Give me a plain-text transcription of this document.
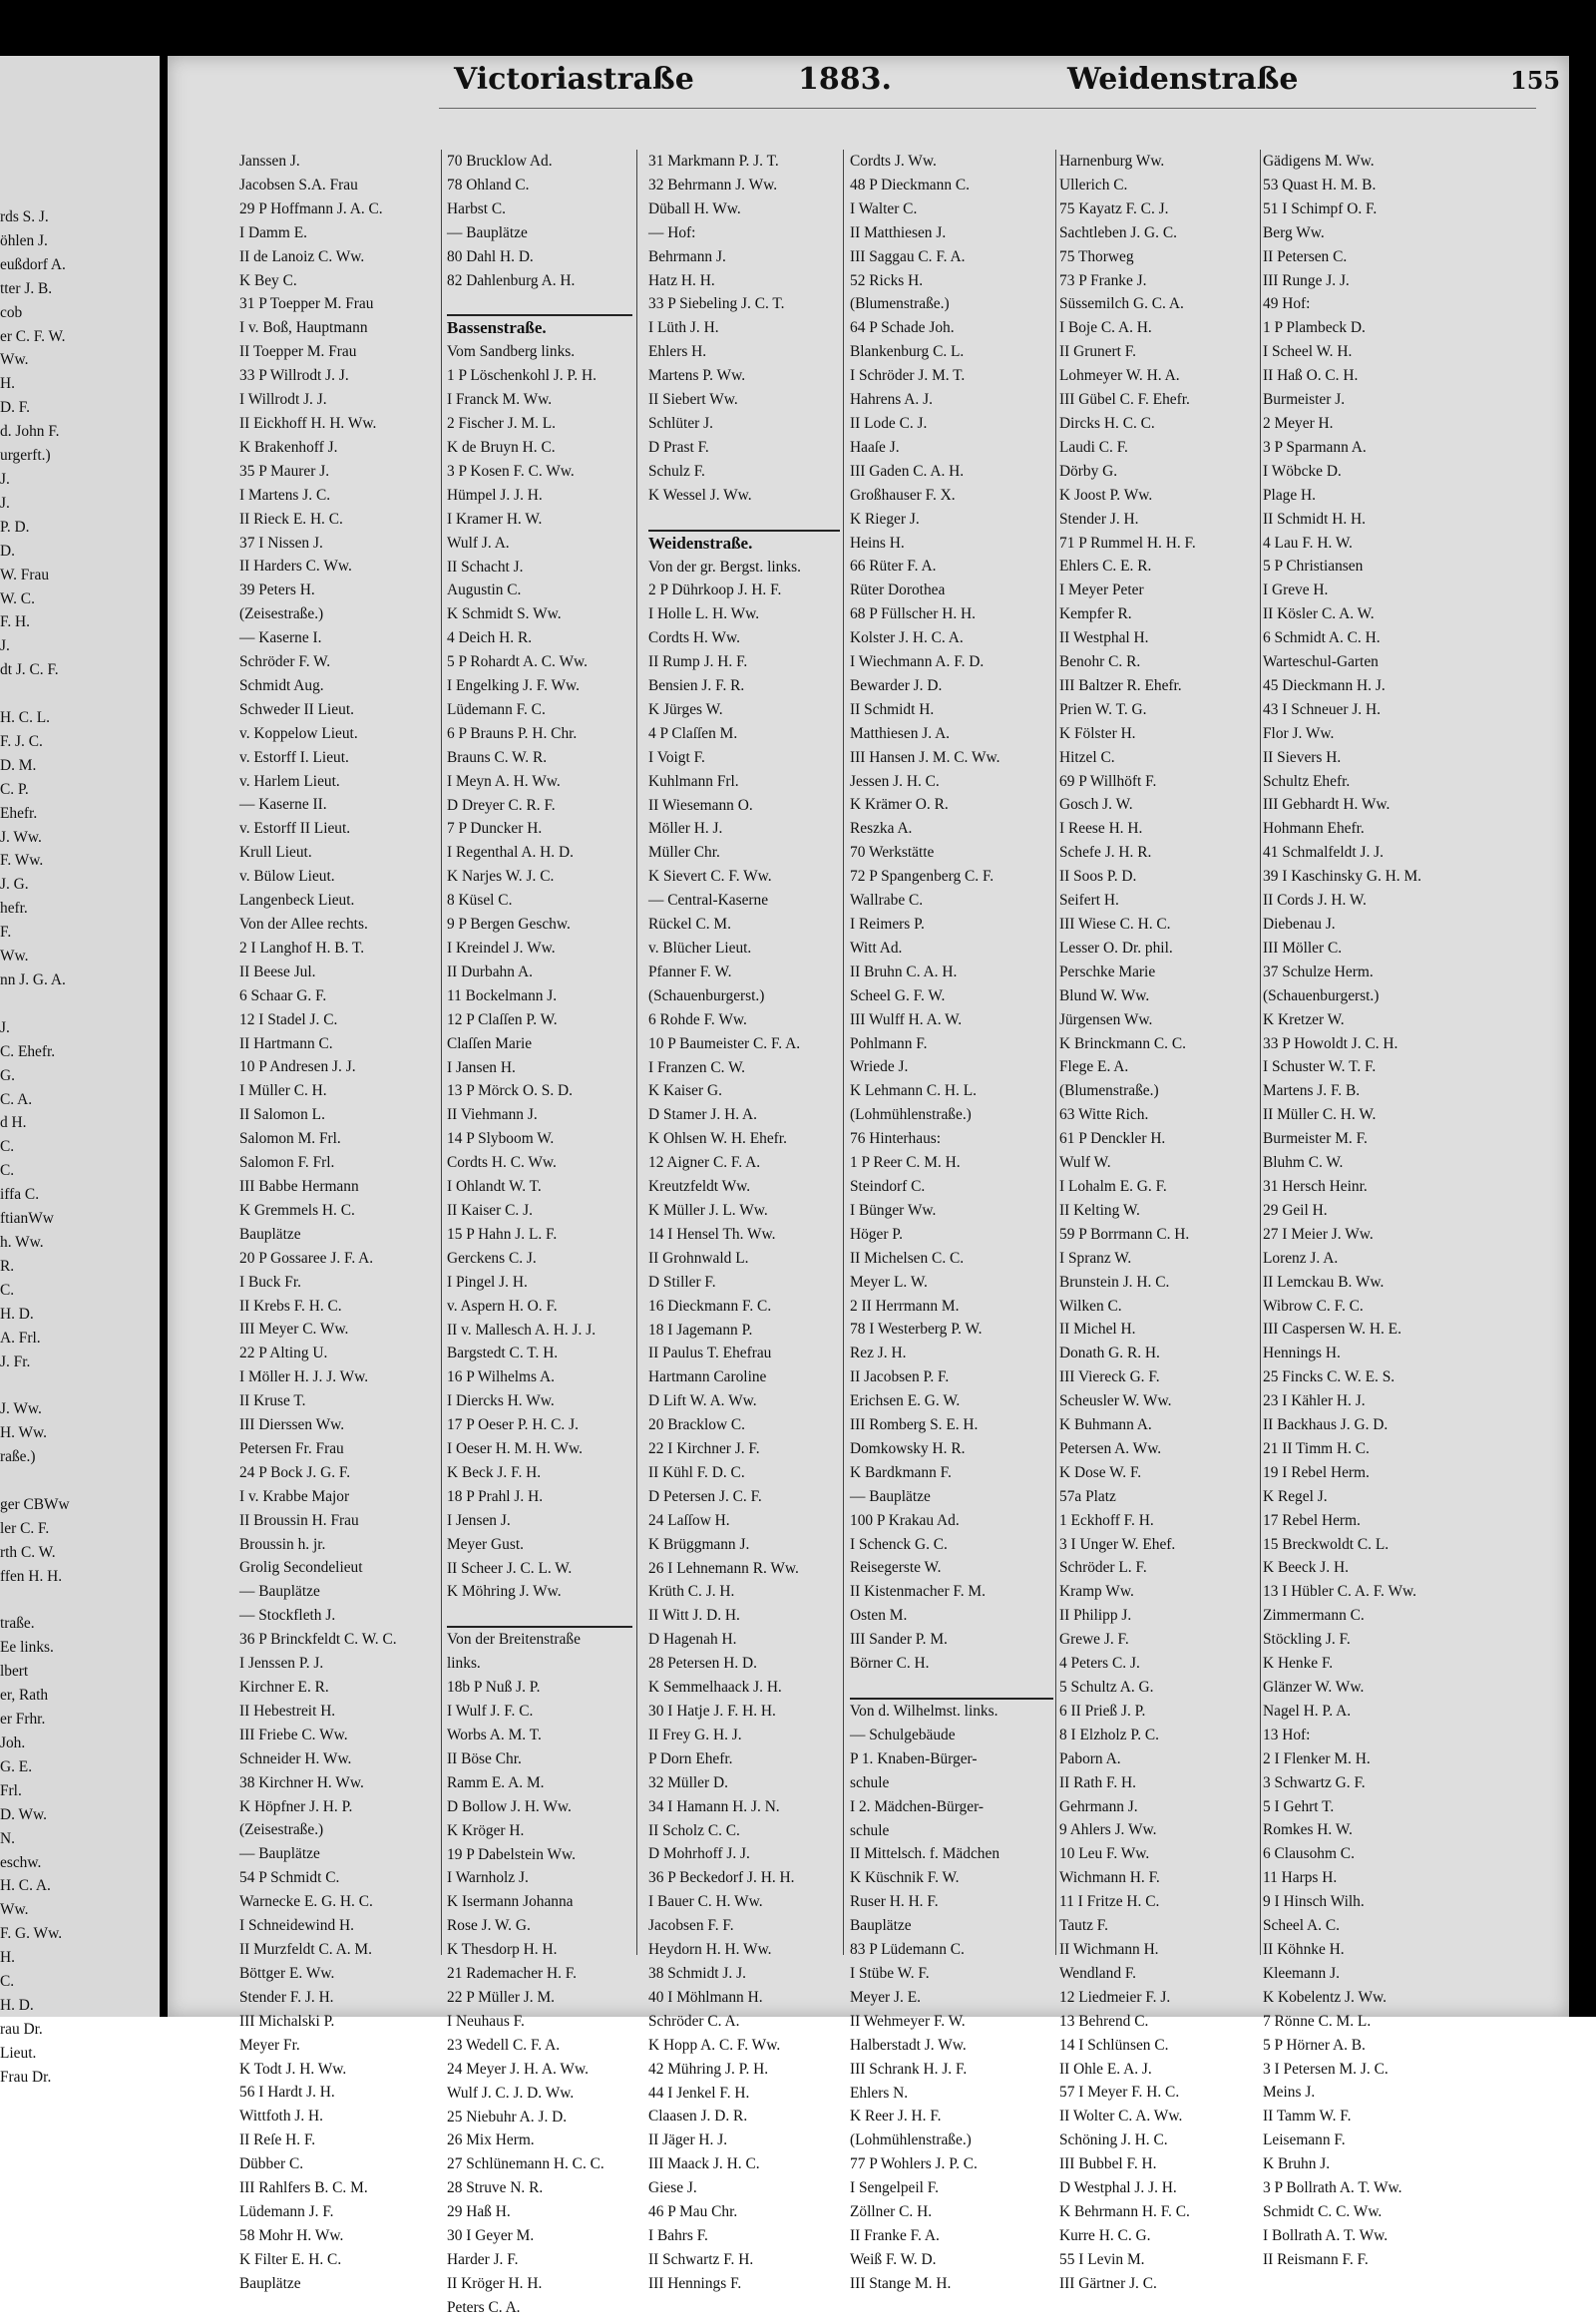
rds S. J.
öhlen J.
eußdorf A.
tter J. B.
cob
er C. F. W.
Ww.
H.
D. F.
d. John F.
urgerft.)
J.
J.
P. D.
D.
W. Frau
W. C.
F. H.
J.
dt J. C. F.
H. C. L.
F. J. C.
D. M.
C. P.
Ehefr.
J. Ww.
F. Ww.
J. G.
hefr.
F.
Ww.
nn J. G. A.
J.
C. Ehefr.
G.
C. A.
d H.
C.
C.
iffa C.
ftianWw
h. Ww.
R.
C.
H. D.
A. Frl.
J. Fr.
J. Ww.
H. Ww.
raße.)
ger CBWw
ler C. F.
rth C. W.
ffen H. H.
traße.
Ee links.
lbert
er, Rath
er Frhr.
Joh.
G. E.
Frl.
D. Ww.
N.
eschw.
H. C. A.
Ww.
F. G. Ww.
H.
C.
H. D.
rau Dr.
Lieut.
Frau Dr.
Victoriastraße	1883.	Weidenstraße	155
Janssen J.
Jacobsen S.A. Frau
29 P Hoffmann J. A. C.
I Damm E.
II de Lanoiz C. Ww.
K Bey C.
31 P Toepper M. Frau
I v. Boß, Hauptmann
II Toepper M. Frau
33 P Willrodt J. J.
I Willrodt J. J.
II Eickhoff H. H. Ww.
K Brakenhoff J.
35 P Maurer J.
I Martens J. C.
II Rieck E. H. C.
37 I Nissen J.
II Harders C. Ww.
39 Peters H.
(Zeisestraße.)
— Kaserne I.
Schröder F. W.
Schmidt Aug.
Schweder II Lieut.
v. Koppelow Lieut.
v. Estorff I. Lieut.
v. Harlem Lieut.
— Kaserne II.
v. Estorff II Lieut.
Krull Lieut.
v. Bülow Lieut.
Langenbeck Lieut.
Von der Allee rechts.
2 I Langhof H. B. T.
II Beese Jul.
6 Schaar G. F.
12 I Stadel J. C.
II Hartmann C.
10 P Andresen J. J.
I Müller C. H.
II Salomon L.
Salomon M. Frl.
Salomon F. Frl.
III Babbe Hermann
K Gremmels H. C.
Bauplätze
20 P Gossaree J. F. A.
I Buck Fr.
II Krebs F. H. C.
III Meyer C. Ww.
22 P Alting U.
I Möller H. J. J. Ww.
II Kruse T.
III Dierssen Ww.
Petersen Fr. Frau
24 P Bock J. G. F.
I v. Krabbe Major
II Broussin H. Frau
Broussin h. jr.
Grolig Secondelieut
— Bauplätze
— Stockfleth J.
36 P Brinckfeldt C. W. C.
I Jenssen P. J.
Kirchner E. R.
II Hebestreit H.
III Friebe C. Ww.
Schneider H. Ww.
38 Kirchner H. Ww.
K Höpfner J. H. P.
(Zeisestraße.)
— Bauplätze
54 P Schmidt C.
Warnecke E. G. H. C.
I Schneidewind H.
II Murzfeldt C. A. M.
Böttger E. Ww.
Stender F. J. H.
III Michalski P.
Meyer Fr.
K Todt J. H. Ww.
56 I Hardt J. H.
Wittfoth J. H.
II Reſe H. F.
Dübber C.
III Rahlfers B. C. M.
Lüdemann J. F.
58 Mohr H. Ww.
K Filter E. H. C.
Bauplätze
70 Brucklow Ad.
78 Ohland C.
Harbst C.
— Bauplätze
80 Dahl H. D.
82 Dahlenburg A. H.
Bassenstraße.
Vom Sandberg links.
1 P Löschenkohl J. P. H.
I Franck M. Ww.
2 Fischer J. M. L.
K de Bruyn H. C.
3 P Kosen F. C. Ww.
Hümpel J. J. H.
I Kramer H. W.
Wulf J. A.
II Schacht J.
Augustin C.
K Schmidt S. Ww.
4 Deich H. R.
5 P Rohardt A. C. Ww.
I Engelking J. F. Ww.
Lüdemann F. C.
6 P Brauns P. H. Chr.
Brauns C. W. R.
I Meyn A. H. Ww.
D Dreyer C. R. F.
7 P Duncker H.
I Regenthal A. H. D.
K Narjes W. J. C.
8 Küsel C.
9 P Bergen Geschw.
I Kreindel J. Ww.
II Durbahn A.
11 Bockelmann J.
12 P Claſſen P. W.
Claſſen Marie
I Jansen H.
13 P Mörck O. S. D.
II Viehmann J.
14 P Slyboom W.
Cordts H. C. Ww.
I Ohlandt W. T.
II Kaiser C. J.
15 P Hahn J. L. F.
Gerckens C. J.
I Pingel J. H.
v. Aspern H. O. F.
II v. Mallesch A. H. J. J.
Bargstedt C. T. H.
16 P Wilhelms A.
I Diercks H. Ww.
17 P Oeser P. H. C. J.
I Oeser H. M. H. Ww.
K Beck J. F. H.
18 P Prahl J. H.
I Jensen J.
Meyer Gust.
II Scheer J. C. L. W.
K Möhring J. Ww.
Von der Breitenstraße
links.
18b P Nuß J. P.
I Wulf J. F. C.
Worbs A. M. T.
II Böse Chr.
Ramm E. A. M.
D Bollow J. H. Ww.
K Kröger H.
19 P Dabelstein Ww.
I Warnholz J.
K Isermann Johanna
Rose J. W. G.
K Thesdorp H. H.
21 Rademacher H. F.
22 P Müller J. M.
I Neuhaus F.
23 Wedell C. F. A.
24 Meyer J. H. A. Ww.
Wulf J. C. J. D. Ww.
25 Niebuhr A. J. D.
26 Mix Herm.
27 Schlünemann H. C. C.
28 Struve N. R.
29 Haß H.
30 I Geyer M.
Harder J. F.
II Kröger H. H.
Peters C. A.
31 Markmann P. J. T.
32 Behrmann J. Ww.
Düball H. Ww.
— Hof:
Behrmann J.
Hatz H. H.
33 P Siebeling J. C. T.
I Lüth J. H.
Ehlers H.
Martens P. Ww.
II Siebert Ww.
Schlüter J.
D Prast F.
Schulz F.
K Wessel J. Ww.
Weidenstraße.
Von der gr. Bergst. links.
2 P Dührkoop J. H. F.
I Holle L. H. Ww.
Cordts H. Ww.
II Rump J. H. F.
Bensien J. F. R.
K Jürges W.
4 P Claſſen M.
I Voigt F.
Kuhlmann Frl.
II Wiesemann O.
Möller H. J.
Müller Chr.
K Sievert C. F. Ww.
— Central-Kaserne
Rückel C. M.
v. Blücher Lieut.
Pfanner F. W.
(Schauenburgerst.)
6 Rohde F. Ww.
10 P Baumeister C. F. A.
I Franzen C. W.
K Kaiser G.
D Stamer J. H. A.
K Ohlsen W. H. Ehefr.
12 Aigner C. F. A.
Kreutzfeldt Ww.
K Müller J. L. Ww.
14 I Hensel Th. Ww.
II Grohnwald L.
D Stiller F.
16 Dieckmann F. C.
18 I Jagemann P.
II Paulus T. Ehefrau
Hartmann Caroline
D Lift W. A. Ww.
20 Bracklow C.
22 I Kirchner J. F.
II Kühl F. D. C.
D Petersen J. C. F.
24 Laſſow H.
K Brüggmann J.
26 I Lehnemann R. Ww.
Krüth C. J. H.
II Witt J. D. H.
D Hagenah H.
28 Petersen H. D.
K Semmelhaack J. H.
30 I Hatje J. F. H. H.
II Frey G. H. J.
P Dorn Ehefr.
32 Müller D.
34 I Hamann H. J. N.
II Scholz C. C.
D Mohrhoff J. J.
36 P Beckedorf J. H. H.
I Bauer C. H. Ww.
Jacobsen F. F.
Heydorn H. H. Ww.
38 Schmidt J. J.
40 I Möhlmann H.
Schröder C. A.
K Hopp A. C. F. Ww.
42 Mühring J. P. H.
44 I Jenkel F. H.
Claasen J. D. R.
II Jäger H. J.
III Maack J. H. C.
Giese J.
46 P Mau Chr.
I Bahrs F.
II Schwartz F. H.
III Hennings F.
Cordts J. Ww.
48 P Dieckmann C.
I Walter C.
II Matthiesen J.
III Saggau C. F. A.
52 Ricks H.
(Blumenstraße.)
64 P Schade Joh.
Blankenburg C. L.
I Schröder J. M. T.
Hahrens A. J.
II Lode C. J.
Haaſe J.
III Gaden C. A. H.
Großhauser F. X.
K Rieger J.
Heins H.
66 Rüter F. A.
Rüter Dorothea
68 P Füllscher H. H.
Kolster J. H. C. A.
I Wiechmann A. F. D.
Bewarder J. D.
II Schmidt H.
Matthiesen J. A.
III Hansen J. M. C. Ww.
Jessen J. H. C.
K Krämer O. R.
Reszka A.
70 Werkstätte
72 P Spangenberg C. F.
Wallrabe C.
I Reimers P.
Witt Ad.
II Bruhn C. A. H.
Scheel G. F. W.
III Wulff H. A. W.
Pohlmann F.
Wriede J.
K Lehmann C. H. L.
(Lohmühlenstraße.)
76 Hinterhaus:
1 P Reer C. M. H.
Steindorf C.
I Bünger Ww.
Höger P.
II Michelsen C. C.
Meyer L. W.
2 II Herrmann M.
78 I Westerberg P. W.
Rez J. H.
II Jacobsen P. F.
Erichsen E. G. W.
III Romberg S. E. H.
Domkowsky H. R.
K Bardkmann F.
— Bauplätze
100 P Krakau Ad.
I Schenck G. C.
Reisegerste W.
II Kistenmacher F. M.
Osten M.
III Sander P. M.
Börner C. H.
Von d. Wilhelmst. links.
— Schulgebäude
P 1. Knaben-Bürger-
schule
I 2. Mädchen-Bürger-
schule
II Mittelsch. f. Mädchen
K Küschnik F. W.
Ruser H. H. F.
Bauplätze
83 P Lüdemann C.
I Stübe W. F.
Meyer J. E.
II Wehmeyer F. W.
Halberstadt J. Ww.
III Schrank H. J. F.
Ehlers N.
K Reer J. H. F.
(Lohmühlenstraße.)
77 P Wohlers J. P. C.
I Sengelpeil F.
Zöllner C. H.
II Franke F. A.
Weiß F. W. D.
III Stange M. H.
Harnenburg Ww.
Ullerich C.
75 Kayatz F. C. J.
Sachtleben J. G. C.
75 Thorweg
73 P Franke J.
Süssemilch G. C. A.
I Boje C. A. H.
II Grunert F.
Lohmeyer W. H. A.
III Gübel C. F. Ehefr.
Dircks H. C. C.
Laudi C. F.
Dörby G.
K Joost P. Ww.
Stender J. H.
71 P Rummel H. H. F.
Ehlers C. E. R.
I Meyer Peter
Kempfer R.
II Westphal H.
Benohr C. R.
III Baltzer R. Ehefr.
Prien W. T. G.
K Fölster H.
Hitzel C.
69 P Willhöft F.
Gosch J. W.
I Reese H. H.
Schefe J. H. R.
II Soos P. D.
Seifert H.
III Wiese C. H. C.
Lesser O. Dr. phil.
Perschke Marie
Blund W. Ww.
Jürgensen Ww.
K Brinckmann C. C.
Flege E. A.
(Blumenstraße.)
63 Witte Rich.
61 P Denckler H.
Wulf W.
I Lohalm E. G. F.
II Kelting W.
59 P Borrmann C. H.
I Spranz W.
Brunstein J. H. C.
Wilken C.
II Michel H.
Donath G. R. H.
III Viereck G. F.
Scheusler W. Ww.
K Buhmann A.
Petersen A. Ww.
K Dose W. F.
57a Platz
1 Eckhoff F. H.
3 I Unger W. Ehef.
Schröder L. F.
Kramp Ww.
II Philipp J.
Grewe J. F.
4 Peters C. J.
5 Schultz A. G.
6 II Prieß J. P.
8 I Elzholz P. C.
Paborn A.
II Rath F. H.
Gehrmann J.
9 Ahlers J. Ww.
10 Leu F. Ww.
Wichmann H. F.
11 I Fritze H. C.
Tautz F.
II Wichmann H.
Wendland F.
12 Liedmeier F. J.
13 Behrend C.
14 I Schlünsen C.
II Ohle E. A. J.
57 I Meyer F. H. C.
II Wolter C. A. Ww.
Schöning J. H. C.
III Bubbel F. H.
D Westphal J. J. H.
K Behrmann H. F. C.
Kurre H. C. G.
55 I Levin M.
III Gärtner J. C.
Gädigens M. Ww.
53 Quast H. M. B.
51 I Schimpf O. F.
Berg Ww.
II Petersen C.
III Runge J. J.
49 Hof:
1 P Plambeck D.
I Scheel W. H.
II Haß O. C. H.
Burmeister J.
2 Meyer H.
3 P Sparmann A.
I Wöbcke D.
Plage H.
II Schmidt H. H.
4 Lau F. H. W.
5 P Christiansen
I Greve H.
II Kösler C. A. W.
6 Schmidt A. C. H.
Warteschul-Garten
45 Dieckmann H. J.
43 I Schneuer J. H.
Flor J. Ww.
II Sievers H.
Schultz Ehefr.
III Gebhardt H. Ww.
Hohmann Ehefr.
41 Schmalfeldt J. J.
39 I Kaschinsky G. H. M.
II Cords J. H. W.
Diebenau J.
III Möller C.
37 Schulze Herm.
(Schauenburgerst.)
K Kretzer W.
33 P Howoldt J. C. H.
I Schuster W. T. F.
Martens J. F. B.
II Müller C. H. W.
Burmeister M. F.
Bluhm C. W.
31 Hersch Heinr.
29 Geil H.
27 I Meier J. Ww.
Lorenz J. A.
II Lemckau B. Ww.
Wibrow C. F. C.
III Caspersen W. H. E.
Hennings H.
25 Fincks C. W. E. S.
23 I Kähler H. J.
II Backhaus J. G. D.
21 II Timm H. C.
19 I Rebel Herm.
K Regel J.
17 Rebel Herm.
15 Breckwoldt C. L.
K Beeck J. H.
13 I Hübler C. A. F. Ww.
Zimmermann C.
Stöckling J. F.
K Henke F.
Glänzer W. Ww.
Nagel H. P. A.
13 Hof:
2 I Flenker M. H.
3 Schwartz G. F.
5 I Gehrt T.
Romkes H. W.
6 Clausohm C.
11 Harps H.
9 I Hinsch Wilh.
Scheel A. C.
II Köhnke H.
Kleemann J.
K Kobelentz J. Ww.
7 Rönne C. M. L.
5 P Hörner A. B.
3 I Petersen M. J. C.
Meins J.
II Tamm W. F.
Leisemann F.
K Bruhn J.
3 P Bollrath A. T. Ww.
Schmidt C. C. Ww.
I Bollrath A. T. Ww.
II Reismann F. F.
